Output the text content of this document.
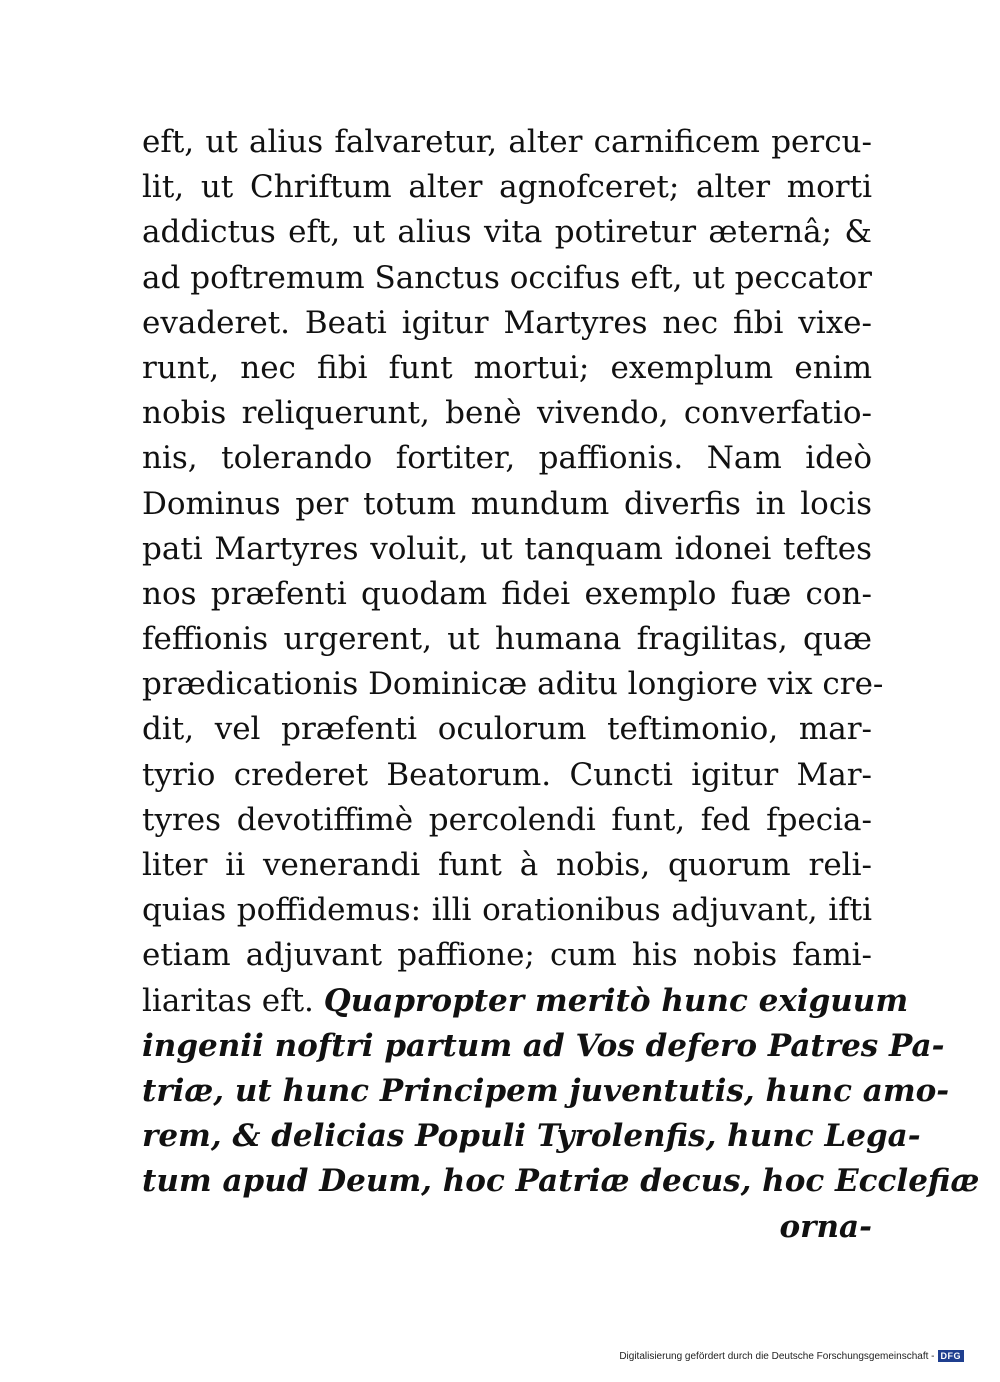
eft, ut alius falvaretur, alter carnificem percu-
lit, ut Chriftum alter agnofceret; alter morti
addictus eft, ut alius vita potiretur æternâ; &
ad poftremum Sanctus occifus eft, ut peccator
evaderet. Beati igitur Martyres nec fibi vixe-
runt, nec fibi funt mortui; exemplum enim
nobis reliquerunt, benè vivendo, converfatio-
nis, tolerando fortiter, paffionis. Nam ideò
Dominus per totum mundum diverfis in locis
pati Martyres voluit, ut tanquam idonei teftes
nos præfenti quodam fidei exemplo fuæ con-
feffionis urgerent, ut humana fragilitas, quæ
prædicationis Dominicæ aditu longiore vix cre-
dit, vel præfenti oculorum teftimonio, mar-
tyrio crederet Beatorum. Cuncti igitur Mar-
tyres devotiffimè percolendi funt, fed fpecia-
liter ii venerandi funt à nobis, quorum reli-
quias poffidemus: illi orationibus adjuvant, ifti
etiam adjuvant paffione; cum his nobis fami-
liaritas eft. Quapropter meritò hunc exiguum
ingenii noftri partum ad Vos defero Patres Pa-
triæ, ut hunc Principem juventutis, hunc amo-
rem, & delicias Populi Tyrolenfis, hunc Lega-
tum apud Deum, hoc Patriæ decus, hoc Ecclefiæ
orna-
Digitalisierung gefördert durch die Deutsche Forschungsgemeinschaft - DFG
